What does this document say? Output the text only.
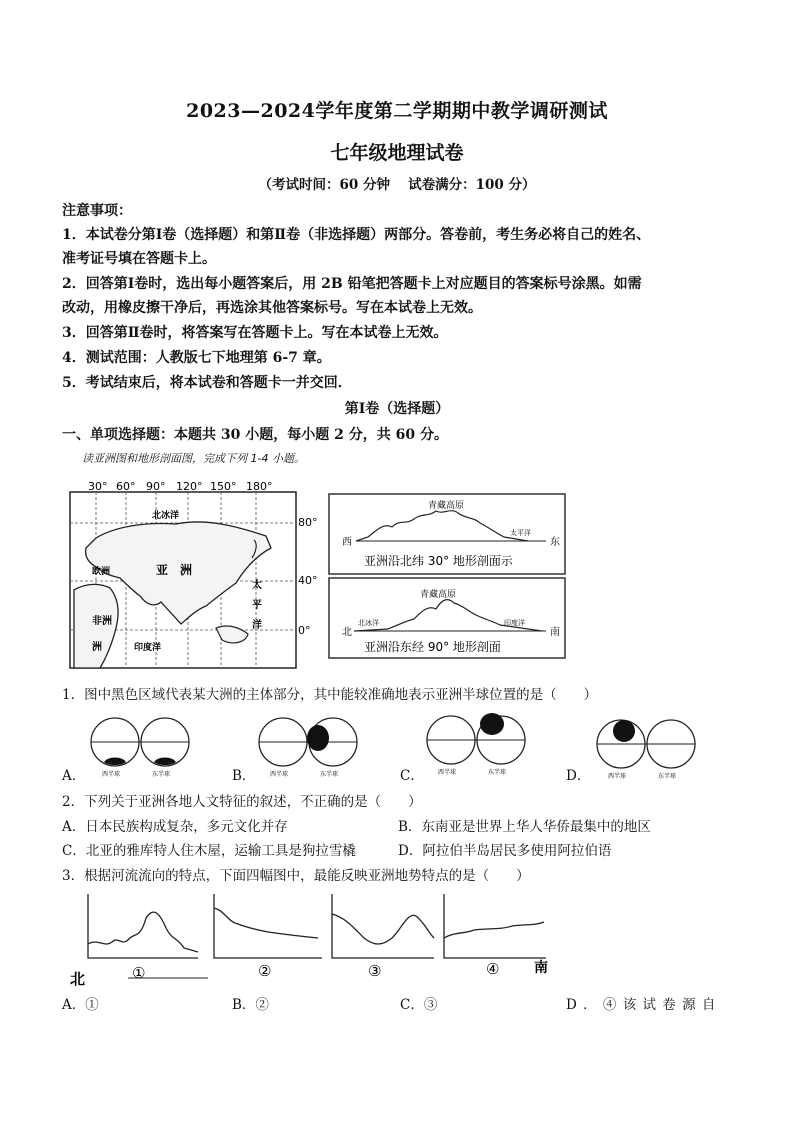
2023—2024学年度第二学期期中教学调研测试
七年级地理试卷
（考试时间：60 分钟　 试卷满分：100 分）
注意事项：
1．本试卷分第Ⅰ卷（选择题）和第Ⅱ卷（非选择题）两部分。答卷前，考生务必将自己的姓名、
准考证号填在答题卡上。
2．回答第Ⅰ卷时，选出每小题答案后，用 2B 铅笔把答题卡上对应题目的答案标号涂黑。如需
改动，用橡皮擦干净后，再选涂其他答案标号。写在本试卷上无效。
3．回答第Ⅱ卷时，将答案写在答题卡上。写在本试卷上无效。
4．测试范围：人教版七下地理第 6-7 章。
5．考试结束后，将本试卷和答题卡一并交回．
第Ⅰ卷（选择题）
一、单项选择题：本题共 30 小题，每小题 2 分，共 60 分。
读亚洲图和地形剖面图，完成下列 1-4 小题。
30° 60° 90° 120° 150° 180°
80°
40°
0°
北冰洋
亚　洲
欧洲
非洲
洲
太
平
洋
印度洋
青藏高原
西	东
太平洋
亚洲沿北纬 30° 地形剖面示
青藏高原
北	南
北冰洋	印度洋
亚洲沿东经 90° 地形剖面
1．图中黑色区域代表某大洲的主体部分，其中能较准确地表示亚洲半球位置的是（　　）
西半球	东半球
A．	西半球	东半球
B．	西半球	东半球
C．	西半球	东半球
D．
2．下列关于亚洲各地人文特征的叙述，不正确的是（　　）
A．日本民族构成复杂，多元文化并存	B．东南亚是世界上华人华侨最集中的地区
C．北亚的雅库特人住木屋，运输工具是狗拉雪橇	D．阿拉伯半岛居民多使用阿拉伯语
3．根据河流流向的特点，下面四幅图中，最能反映亚洲地势特点的是（　　）
北
南
①	②	③	④
A．①	B．②	C．③	D ． ④ 该 试 卷 源 自
